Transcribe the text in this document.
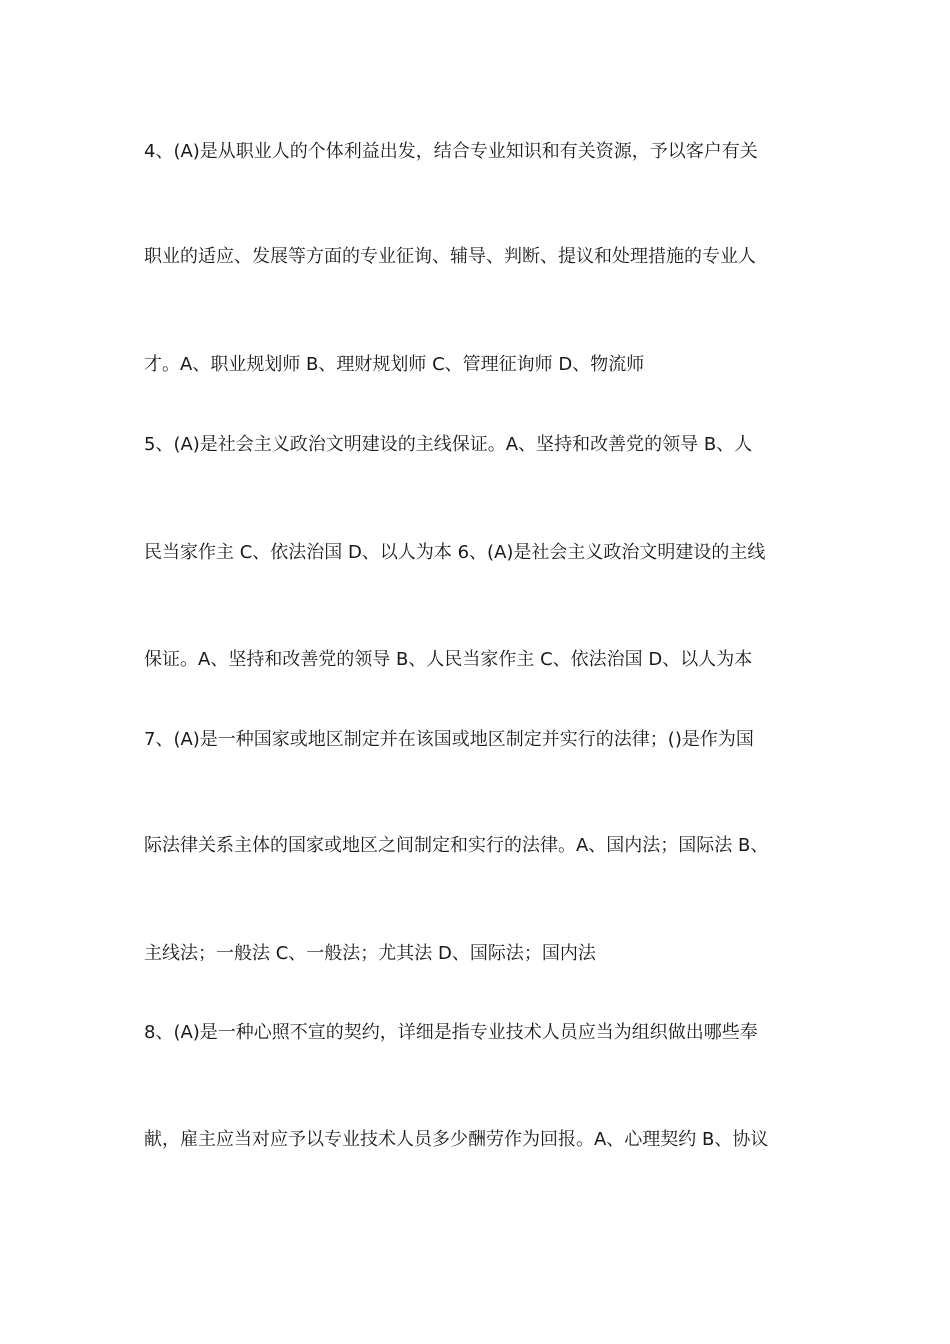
4、(A)是从职业人的个体利益出发，结合专业知识和有关资源，予以客户有关
职业的适应、发展等方面的专业征询、辅导、判断、提议和处理措施的专业人
才。A、职业规划师 B、理财规划师 C、管理征询师 D、物流师
5、(A)是社会主义政治文明建设的主线保证。A、坚持和改善党的领导 B、人
民当家作主 C、依法治国 D、以人为本 6、(A)是社会主义政治文明建设的主线
保证。A、坚持和改善党的领导 B、人民当家作主 C、依法治国 D、以人为本
7、(A)是一种国家或地区制定并在该国或地区制定并实行的法律；()是作为国
际法律关系主体的国家或地区之间制定和实行的法律。A、国内法；国际法 B、
主线法；一般法 C、一般法；尤其法 D、国际法；国内法
8、(A)是一种心照不宣的契约，详细是指专业技术人员应当为组织做出哪些奉
献，雇主应当对应予以专业技术人员多少酬劳作为回报。A、心理契约 B、协议
